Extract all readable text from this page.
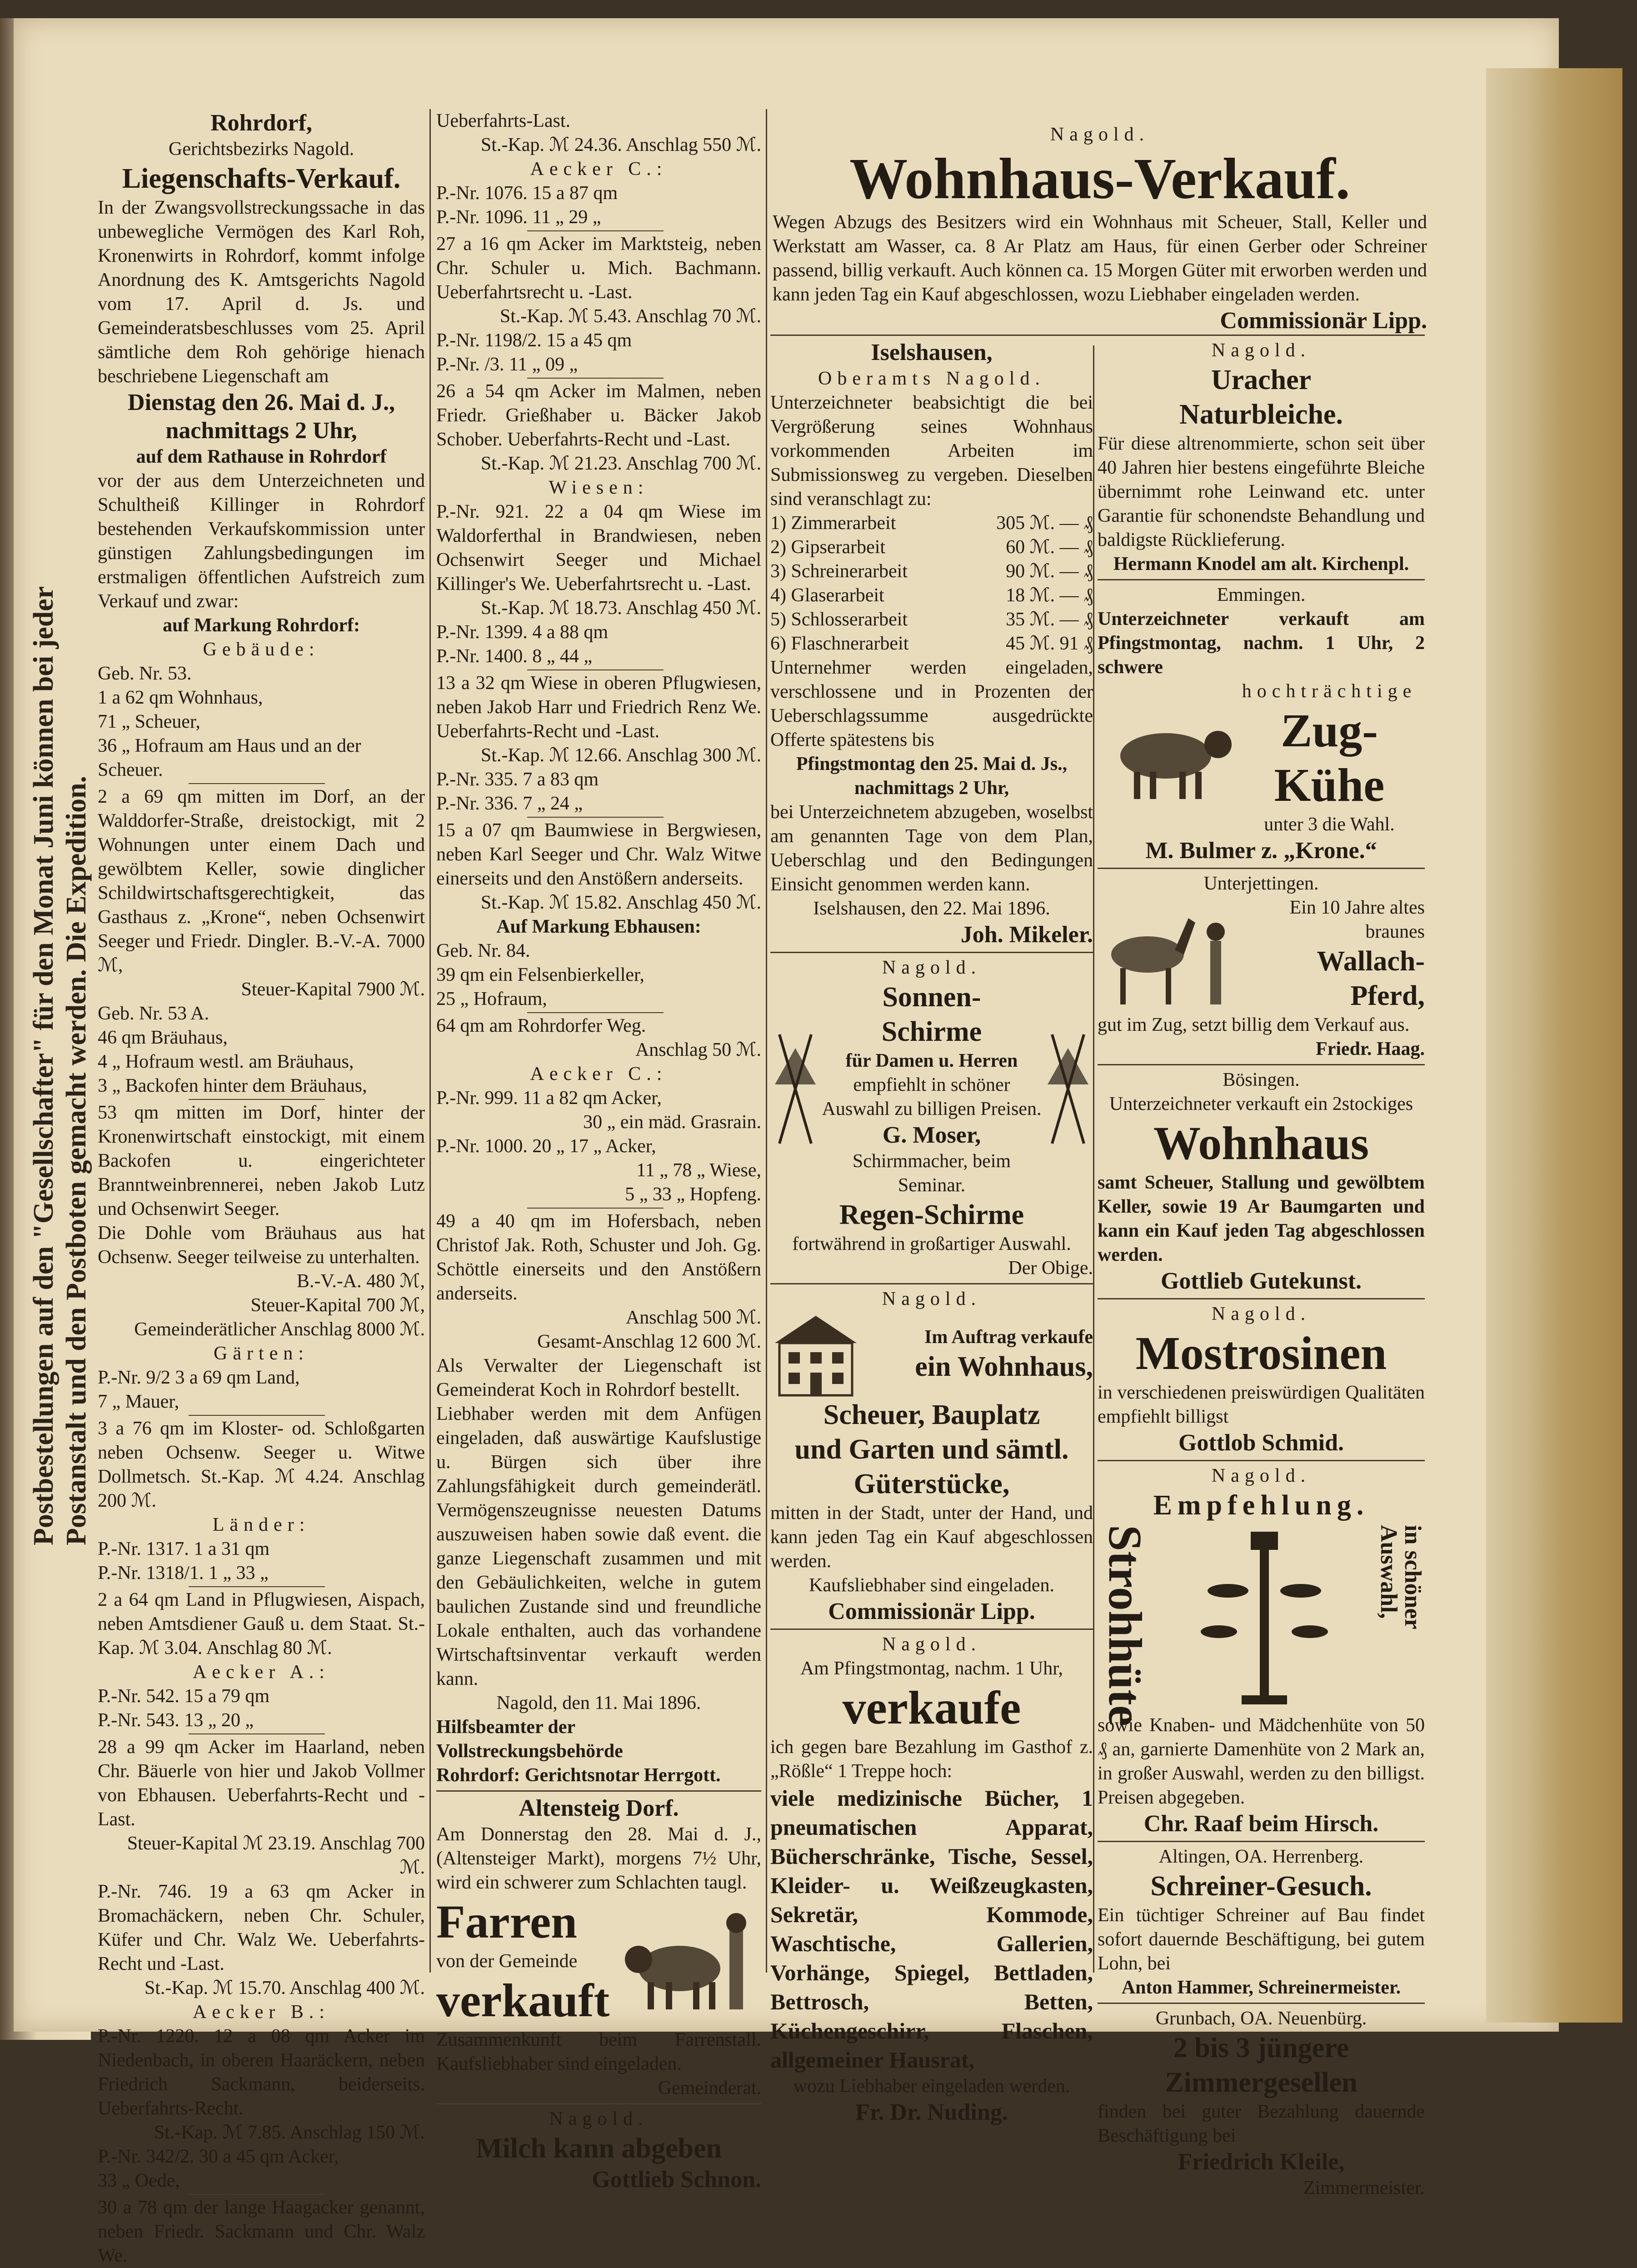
Postbestellungen auf den "Gesellschafter" für den Monat Juni können bei jeder Postanstalt und den Postboten gemacht werden. Die Expedition.

Rohrdorf,

Gerichtsbezirks Nagold.

Liegenschafts-Verkauf.

In der Zwangsvollstreckungssache in das unbewegliche Vermögen des Karl Roh, Kronenwirts in Rohrdorf, kommt infolge Anordnung des K. Amtsgerichts Nagold vom 17. April d. Js. und Gemeinderatsbeschlusses vom 25. April sämtliche dem Roh gehörige hienach beschriebene Liegenschaft am

Dienstag den 26. Mai d. J.,

nachmittags 2 Uhr,

auf dem Rathause in Rohrdorf

vor der aus dem Unterzeichneten und Schultheiß Killinger in Rohrdorf bestehenden Verkaufskommission unter günstigen Zahlungsbedingungen im erstmaligen öffentlichen Aufstreich zum Verkauf und zwar:

auf Markung Rohrdorf:

Gebäude:

Geb. Nr. 53.

1 a 62 qm Wohnhaus,

71 „ Scheuer,

36 „ Hofraum am Haus und an der Scheuer.

2 a 69 qm mitten im Dorf, an der Walddorfer-Straße, dreistockigt, mit 2 Wohnungen unter einem Dach und gewölbtem Keller, sowie dinglicher Schildwirtschaftsgerechtigkeit, das Gasthaus z. „Krone“, neben Ochsenwirt Seeger und Friedr. Dingler. B.-V.-A. 7000 ℳ,

Steuer-Kapital 7900 ℳ.

Geb. Nr. 53 A.

46 qm Bräuhaus,

4 „ Hofraum westl. am Bräuhaus,

3 „ Backofen hinter dem Bräuhaus,

53 qm mitten im Dorf, hinter der Kronenwirtschaft einstockigt, mit einem Backofen u. eingerichteter Branntweinbrennerei, neben Jakob Lutz und Ochsenwirt Seeger.

Die Dohle vom Bräuhaus aus hat Ochsenw. Seeger teilweise zu unterhalten.

B.-V.-A. 480 ℳ,

Steuer-Kapital 700 ℳ,

Gemeinderätlicher Anschlag 8000 ℳ.

Gärten:

P.-Nr. 9/2 3 a 69 qm Land,

7 „ Mauer,

3 a 76 qm im Kloster- od. Schloßgarten neben Ochsenw. Seeger u. Witwe Dollmetsch. St.-Kap. ℳ 4.24. Anschlag 200 ℳ.

Länder:

P.-Nr. 1317. 1 a 31 qm

P.-Nr. 1318/1. 1 „ 33 „

2 a 64 qm Land in Pflugwiesen, Aispach, neben Amtsdiener Gauß u. dem Staat. St.-Kap. ℳ 3.04. Anschlag 80 ℳ.

Aecker A.:

P.-Nr. 542. 15 a 79 qm

P.-Nr. 543. 13 „ 20 „

28 a 99 qm Acker im Haarland, neben Chr. Bäuerle von hier und Jakob Vollmer von Ebhausen. Ueberfahrts-Recht und -Last.

Steuer-Kapital ℳ 23.19. Anschlag 700 ℳ.

P.-Nr. 746. 19 a 63 qm Acker in Bromachäckern, neben Chr. Schuler, Küfer und Chr. Walz We. Ueberfahrts-Recht und -Last.

St.-Kap. ℳ 15.70. Anschlag 400 ℳ.

Aecker B.:

P.-Nr. 1220. 12 a 08 qm Acker im Niedenbach, in oberen Haaräckern, neben Friedrich Sackmann, beiderseits. Ueberfahrts-Recht.

St.-Kap. ℳ 7.85. Anschlag 150 ℳ.

P.-Nr. 342/2. 30 a 45 qm Acker,

33 „ Oede,

30 a 78 qm der lange Haagacker genannt, neben Friedr. Sackmann und Chr. Walz We.

Ueberfahrts-Last.

St.-Kap. ℳ 24.36. Anschlag 550 ℳ.

Aecker C.:

P.-Nr. 1076. 15 a 87 qm

P.-Nr. 1096. 11 „ 29 „

27 a 16 qm Acker im Marktsteig, neben Chr. Schuler u. Mich. Bachmann. Ueberfahrtsrecht u. -Last.

St.-Kap. ℳ 5.43. Anschlag 70 ℳ.

P.-Nr. 1198/2. 15 a 45 qm

P.-Nr. /3. 11 „ 09 „

26 a 54 qm Acker im Malmen, neben Friedr. Grießhaber u. Bäcker Jakob Schober. Ueberfahrts-Recht und -Last.

St.-Kap. ℳ 21.23. Anschlag 700 ℳ.

Wiesen:

P.-Nr. 921. 22 a 04 qm Wiese im Waldorferthal in Brandwiesen, neben Ochsenwirt Seeger und Michael Killinger's We. Ueberfahrtsrecht u. -Last.

St.-Kap. ℳ 18.73. Anschlag 450 ℳ.

P.-Nr. 1399. 4 a 88 qm

P.-Nr. 1400. 8 „ 44 „

13 a 32 qm Wiese in oberen Pflugwiesen, neben Jakob Harr und Friedrich Renz We. Ueberfahrts-Recht und -Last.

St.-Kap. ℳ 12.66. Anschlag 300 ℳ.

P.-Nr. 335. 7 a 83 qm

P.-Nr. 336. 7 „ 24 „

15 a 07 qm Baumwiese in Bergwiesen, neben Karl Seeger und Chr. Walz Witwe einerseits und den Anstößern anderseits.

St.-Kap. ℳ 15.82. Anschlag 450 ℳ.

Auf Markung Ebhausen:

Geb. Nr. 84.

39 qm ein Felsenbierkeller,

25 „ Hofraum,

64 qm am Rohrdorfer Weg.

Anschlag 50 ℳ.

Aecker C.:

P.-Nr. 999. 11 a 82 qm Acker,

30 „ ein mäd. Grasrain.

P.-Nr. 1000. 20 „ 17 „ Acker,

11 „ 78 „ Wiese,

5 „ 33 „ Hopfeng.

49 a 40 qm im Hofersbach, neben Christof Jak. Roth, Schuster und Joh. Gg. Schöttle einerseits und den Anstößern anderseits.

Anschlag 500 ℳ.

Gesamt-Anschlag 12 600 ℳ.

Als Verwalter der Liegenschaft ist Gemeinderat Koch in Rohrdorf bestellt.

Liebhaber werden mit dem Anfügen eingeladen, daß auswärtige Kaufslustige u. Bürgen sich über ihre Zahlungsfähigkeit durch gemeinderätl. Vermögenszeugnisse neuesten Datums auszuweisen haben sowie daß event. die ganze Liegenschaft zusammen und mit den Gebäulichkeiten, welche in gutem baulichen Zustande sind und freundliche Lokale enthalten, auch das vorhandene Wirtschaftsinventar verkauft werden kann.

Nagold, den 11. Mai 1896.

Hilfsbeamter der Vollstreckungsbehörde

Rohrdorf: Gerichtsnotar Herrgott.

Altensteig Dorf.

Am Donnerstag den 28. Mai d. J., (Altensteiger Markt), morgens 7½ Uhr, wird ein schwerer zum Schlachten taugl.

Farren

von der Gemeinde

verkauft

Zusammenkunft beim Farrenstall. Kaufsliebhaber sind eingeladen.

Gemeinderat.

Nagold.

Milch kann abgeben

Gottlieb Schnon.

Nagold.

Wohnhaus-Verkauf.

Wegen Abzugs des Besitzers wird ein Wohnhaus mit Scheuer, Stall, Keller und Werkstatt am Wasser, ca. 8 Ar Platz am Haus, für einen Gerber oder Schreiner passend, billig verkauft. Auch können ca. 15 Morgen Güter mit erworben werden und kann jeden Tag ein Kauf abgeschlossen, wozu Liebhaber eingeladen werden.

Commissionär Lipp.

Iselshausen,

Oberamts Nagold.

Unterzeichneter beabsichtigt die bei Vergrößerung seines Wohnhaus vorkommenden Arbeiten im Submissionsweg zu vergeben. Dieselben sind veranschlagt zu:

1) Zimmerarbeit	305 ℳ. — ₰
2) Gipserarbeit	60 ℳ. — ₰
3) Schreinerarbeit	90 ℳ. — ₰
4) Glaserarbeit	18 ℳ. — ₰
5) Schlosserarbeit	35 ℳ. — ₰
6) Flaschnerarbeit	45 ℳ. 91 ₰

Unternehmer werden eingeladen, verschlossene und in Prozenten der Ueberschlagssumme ausgedrückte Offerte spätestens bis

Pfingstmontag den 25. Mai d. Js.,

nachmittags 2 Uhr,

bei Unterzeichnetem abzugeben, woselbst am genannten Tage von dem Plan, Ueberschlag und den Bedingungen Einsicht genommen werden kann.

Iselshausen, den 22. Mai 1896.

Joh. Mikeler.

Nagold.

Sonnen-

Schirme

für Damen u. Herren

empfiehlt in schöner Auswahl zu billigen Preisen.

G. Moser,

Schirmmacher, beim Seminar.

Regen-Schirme

fortwährend in großartiger Auswahl.

Der Obige.

Nagold.

Im Auftrag verkaufe

ein Wohnhaus,

Scheuer, Bauplatz

und Garten und sämtl.

Güterstücke,

mitten in der Stadt, unter der Hand, und kann jeden Tag ein Kauf abgeschlossen werden.

Kaufsliebhaber sind eingeladen.

Commissionär Lipp.

Nagold.

Am Pfingstmontag, nachm. 1 Uhr,

verkaufe

ich gegen bare Bezahlung im Gasthof z. „Rößle“ 1 Treppe hoch:

viele medizinische Bücher, 1 pneumatischen Apparat, Bücherschränke, Tische, Sessel, Kleider- u. Weißzeugkasten, Sekretär, Kommode, Waschtische, Gallerien, Vorhänge, Spiegel, Bettladen, Bettrosch, Betten, Küchengeschirr, Flaschen, allgemeiner Hausrat,

wozu Liebhaber eingeladen werden.

Fr. Dr. Nuding.

Nagold.

Uracher

Naturbleiche.

Für diese altrenommierte, schon seit über 40 Jahren hier bestens eingeführte Bleiche übernimmt rohe Leinwand etc. unter Garantie für schonendste Behandlung und baldigste Rücklieferung.

Hermann Knodel am alt. Kirchenpl.

Emmingen.

Unterzeichneter verkauft am Pfingstmontag, nachm. 1 Uhr, 2 schwere

hochträchtige

Zug-Kühe

unter 3 die Wahl.

M. Bulmer z. „Krone.“

Unterjettingen.

Ein 10 Jahre altes braunes

Wallach-

Pferd,

gut im Zug, setzt billig dem Verkauf aus.

Friedr. Haag.

Bösingen.

Unterzeichneter verkauft ein 2stockiges

Wohnhaus

samt Scheuer, Stallung und gewölbtem Keller, sowie 19 Ar Baumgarten und kann ein Kauf jeden Tag abgeschlossen werden.

Gottlieb Gutekunst.

Nagold.

Mostrosinen

in verschiedenen preiswürdigen Qualitäten empfiehlt billigst

Gottlob Schmid.

Nagold.

Empfehlung.

Strohhüte	in schöner Auswahl,

sowie Knaben- und Mädchenhüte von 50 ₰ an, garnierte Damenhüte von 2 Mark an, in großer Auswahl, werden zu den billigst. Preisen abgegeben.

Chr. Raaf beim Hirsch.

Altingen, OA. Herrenberg.

Schreiner-Gesuch.

Ein tüchtiger Schreiner auf Bau findet sofort dauernde Beschäftigung, bei gutem Lohn, bei

Anton Hammer, Schreinermeister.

Grunbach, OA. Neuenbürg.

2 bis 3 jüngere

Zimmergesellen

finden bei guter Bezahlung dauernde Beschäftigung bei

Friedrich Kleile,

Zimmermeister.
